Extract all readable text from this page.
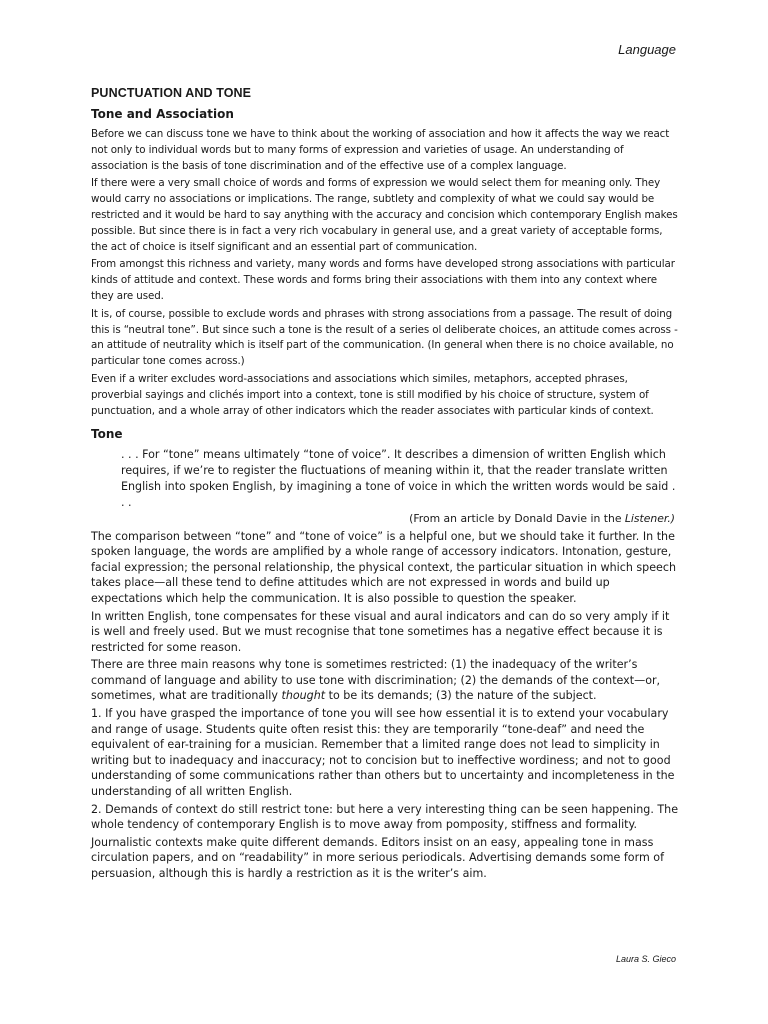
Language
PUNCTUATION AND TONE
Tone and Association

Before we can discuss tone we have to think about the working of association and how it affects the way we react not only to individual words but to many forms of expression and varieties of usage. An understanding of association is the basis of tone discrimination and of the effective use of a complex language.

If there were a very small choice of words and forms of expression we would select them for meaning only. They would carry no associations or implications. The range, subtlety and complexity of what we could say would be restricted and it would be hard to say anything with the accuracy and concision which contemporary English makes possible. But since there is in fact a very rich vocabulary in general use, and a great variety of acceptable forms, the act of choice is itself significant and an essential part of communication.

From amongst this richness and variety, many words and forms have developed strong associations with particular kinds of attitude and context. These words and forms bring their associations with them into any context where they are used.

It is, of course, possible to exclude words and phrases with strong associations from a passage. The result of doing this is “neutral tone”. But since such a tone is the result of a series ol deliberate choices, an attitude comes across - an attitude of neutrality which is itself part of the communication. (In general when there is no choice available, no particular tone comes across.)

Even if a writer excludes word-associations and associations which similes, metaphors, accepted phrases, proverbial sayings and clichés import into a context, tone is still modified by his choice of structure, system of punctuation, and a whole array of other indicators which the reader associates with particular kinds of context.

Tone

. . . For “tone” means ultimately “tone of voice”. It describes a dimension of written English which requires, if we’re to register the fluctuations of meaning within it, that the reader translate written English into spoken English, by imagining a tone of voice in which the written words would be said . . .

(From an article by Donald Davie in the Listener.)

The comparison between “tone” and “tone of voice” is a helpful one, but we should take it further. In the spoken language, the words are amplified by a whole range of accessory indicators. Intonation, gesture, facial expression; the personal relationship, the physical context, the particular situation in which speech takes place—all these tend to define attitudes which are not expressed in words and build up expectations which help the communication. It is also possible to question the speaker.

In written English, tone compensates for these visual and aural indicators and can do so very amply if it is well and freely used. But we must recognise that tone sometimes has a negative effect because it is restricted for some reason.

There are three main reasons why tone is sometimes restricted: (1) the inadequacy of the writer’s command of language and ability to use tone with discrimination; (2) the demands of the context—or, sometimes, what are traditionally thought to be its demands; (3) the nature of the subject.

1. If you have grasped the importance of tone you will see how essential it is to extend your vocabulary and range of usage. Students quite often resist this: they are temporarily “tone-deaf” and need the equivalent of ear-training for a musician. Remember that a limited range does not lead to simplicity in writing but to inadequacy and inaccuracy; not to concision but to ineffective wordiness; and not to good understanding of some communications rather than others but to uncertainty and incompleteness in the understanding of all written English.

2. Demands of context do still restrict tone: but here a very interesting thing can be seen happening. The whole tendency of contemporary English is to move away from pomposity, stiffness and formality.

Journalistic contexts make quite different demands. Editors insist on an easy, appealing tone in mass circulation papers, and on “readability” in more serious periodicals. Advertising demands some form of persuasion, although this is hardly a restriction as it is the writer’s aim.

Laura S. Gieco
